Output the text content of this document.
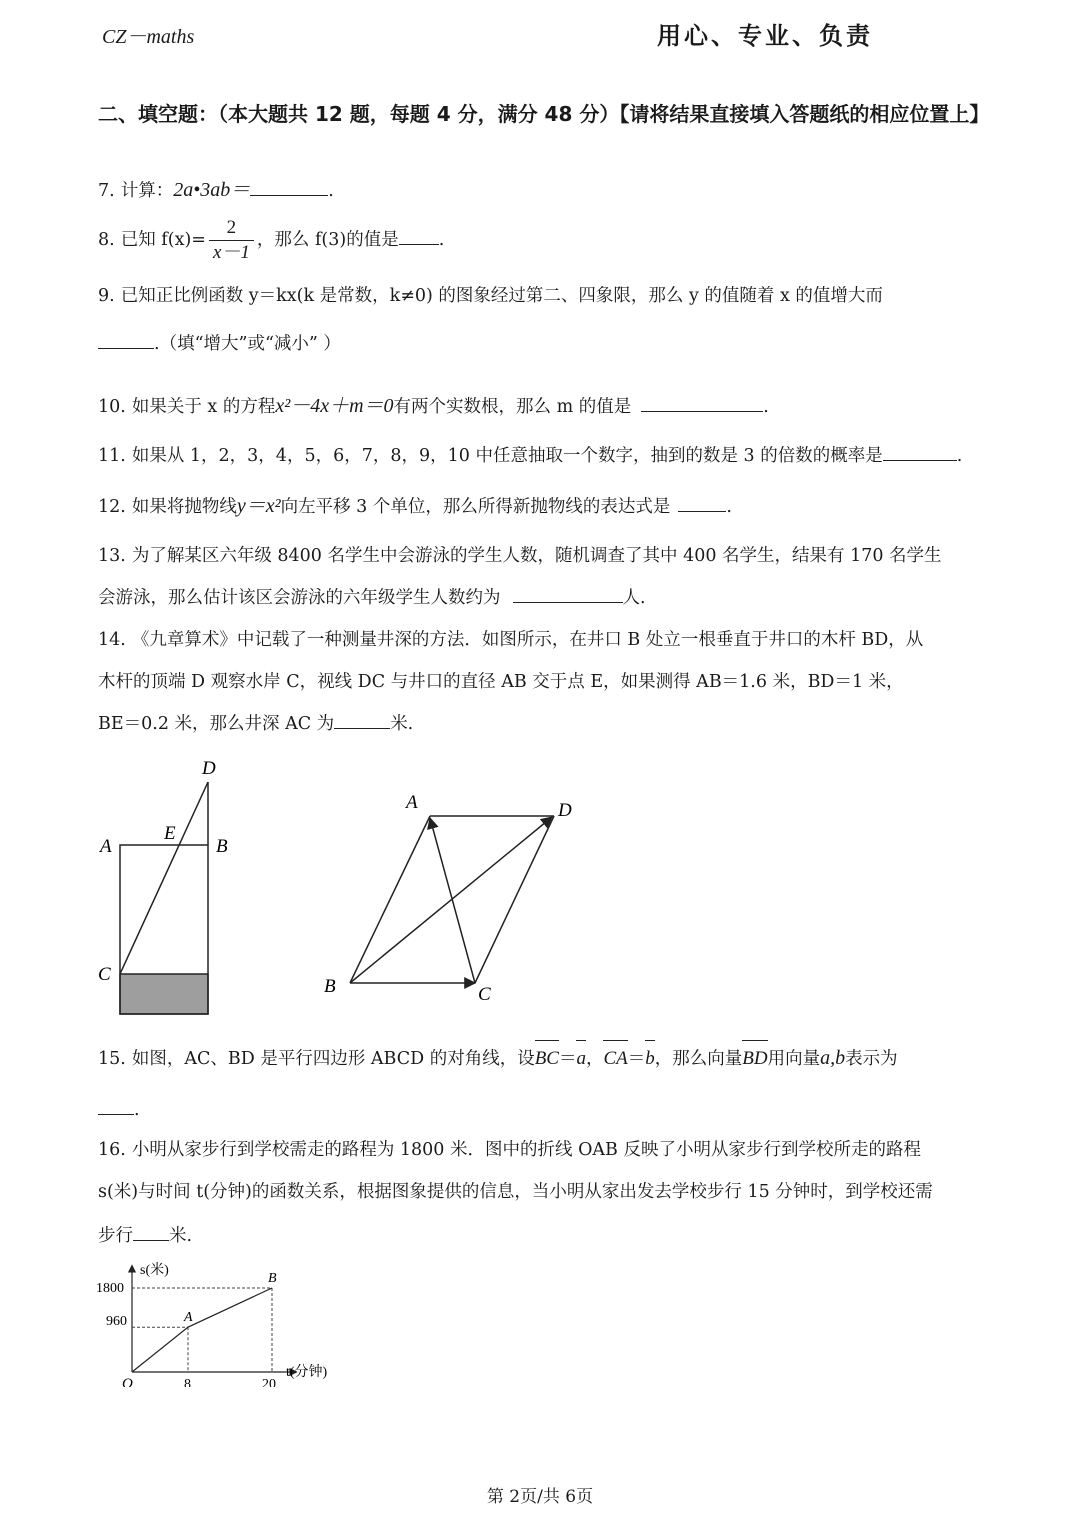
CZ－maths	用心、专业、负责
二、填空题：（本大题共 12 题，每题 4 分，满分 48 分）【请将结果直接填入答题纸的相应位置上】
7. 计算：2a•3ab＝	.
8. 已知 $f(x)= \frac{2}{x-1}$ ，那么 f(3)的值是 .
9. 已知正比例函数 y＝kx(k 是常数，k≠0) 的图象经过第二、四象限，那么 y 的值随着 x 的值增大而
.（填“增大”或“减小” ）
10. 如果关于 x 的方程x²－4x＋m＝0有两个实数根，那么 m 的值是	.
11. 如果从 1，2，3，4，5，6，7，8，9，10 中任意抽取一个数字，抽到的数是 3 的倍数的概率是	.
12. 如果将抛物线y＝x²向左平移 3 个单位，那么所得新抛物线的表达式是	.
13. 为了解某区六年级 8400 名学生中会游泳的学生人数，随机调查了其中 400 名学生，结果有 170 名学生
会游泳，那么估计该区会游泳的六年级学生人数约为	人.
14. 《九章算术》中记载了一种测量井深的方法．如图所示，在井口 B 处立一根垂直于井口的木杆 BD，从
木杆的顶端 D 观察水岸 C，视线 DC 与井口的直径 AB 交于点 E，如果测得 AB＝1.6 米，BD＝1 米，
BE＝0.2 米，那么井深 AC 为	米.
D
A
E
B
C
A	D
B	C
15. 如图，AC、BD 是平行四边形 ABCD 的对角线，设BC＝a，CA＝b，那么向量BD用向量a,b表示为
.
16. 小明从家步行到学校需走的路程为 1800 米．图中的折线 OAB 反映了小明从家步行到学校所走的路程
s(米)与时间 t(分钟)的函数关系，根据图象提供的信息，当小明从家出发去学校步行 15 分钟时，到学校还需
步行 米.
s(米)
t(分钟)
1800
960
8	20
O
A
B
第 2页/共 6页
